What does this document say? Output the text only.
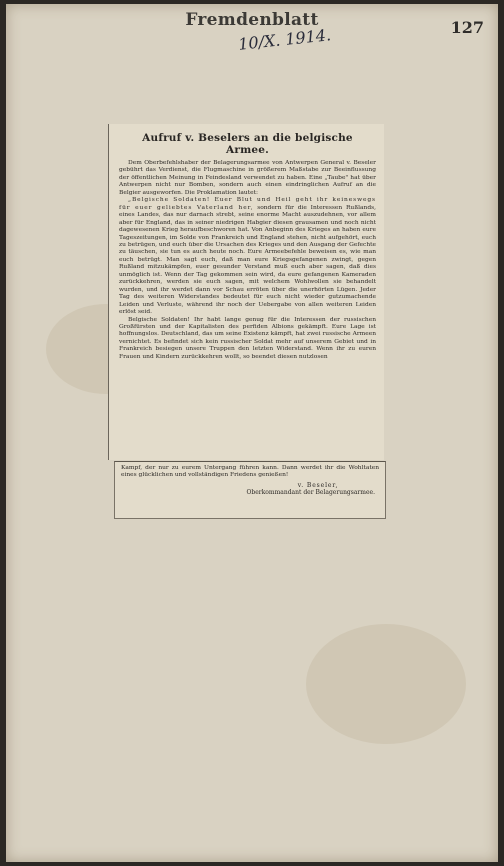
Fremdenblatt	127
10/X. 1914.
Aufruf v. Beselers an die belgische Armee.

Dem Oberbefehlshaber der Belagerungsarmee von Antwerpen General v. Beseler gebührt das Verdienst, die Flugmaschine in größerem Maßstabe zur Beeinflussung der öffentlichen Meinung in Feindesland verwendet zu haben. Eine „Taube" hat über Antwerpen nicht nur Bomben, sondern auch einen eindringlichen Aufruf an die Belgier ausgeworfen. Die Proklamation lautet:

„Belgische Soldaten! Euer Blut und Heil geht ihr keineswegs für euer geliebtes Vaterland her, sondern für die Interessen Rußlands, eines Landes, das nur darnach strebt, seine enorme Macht auszudehnen, vor allem aber für England, das in seiner niedrigen Habgier diesen grausamen und noch nicht dagewesenen Krieg heraufbeschworen hat. Von Anbeginn des Krieges an haben eure Tageszeitungen, im Solde von Frankreich und England stehen, nicht aufgehört, euch zu betrügen, und euch über die Ursachen des Krieges und den Ausgang der Gefechte zu täuschen, sie tun es auch heute noch. Eure Armeebefehle beweisen es, wie man euch betrügt. Man sagt euch, daß man eure Kriegsgefangenen zwingt, gegen Rußland mitzukämpfen, euer gesunder Verstand muß euch aber sagen, daß dies unmöglich ist. Wenn der Tag gekommen sein wird, da eure gefangenen Kameraden zurückkehren, werden sie euch sagen, mit welchem Wohlwollen sie behandelt wurden, und ihr werdet dann vor Schau erröten über die unerhörten Lügen. Jeder Tag des weiteren Widerstandes bedeutet für euch nicht wieder gutzumachende Leiden und Verluste, während ihr noch der Uebergabe von allen weiteren Leiden erlöst seid.

Belgische Soldaten! Ihr habt lange genug für die Interessen der russischen Großfürsten und der Kapitalisten des perfiden Albions gekämpft. Eure Lage ist hoffnungslos. Deutschland, das um seine Existenz kämpft, hat zwei russische Armeen vernichtet. Es befindet sich kein russischer Soldat mehr auf unserem Gebiet und in Frankreich besiegen unsere Truppen den letzten Widerstand. Wenn ihr zu euren Frauen und Kindern zurückkehren wollt, so beendet diesen nutzlosen

Kampf, der nur zu eurem Untergang führen kann. Dann werdet ihr die Wohltaten eines glücklichen und vollständigen Friedens genießen!

v. Beseler,
Oberkommandant der Belagerungsarmee.
